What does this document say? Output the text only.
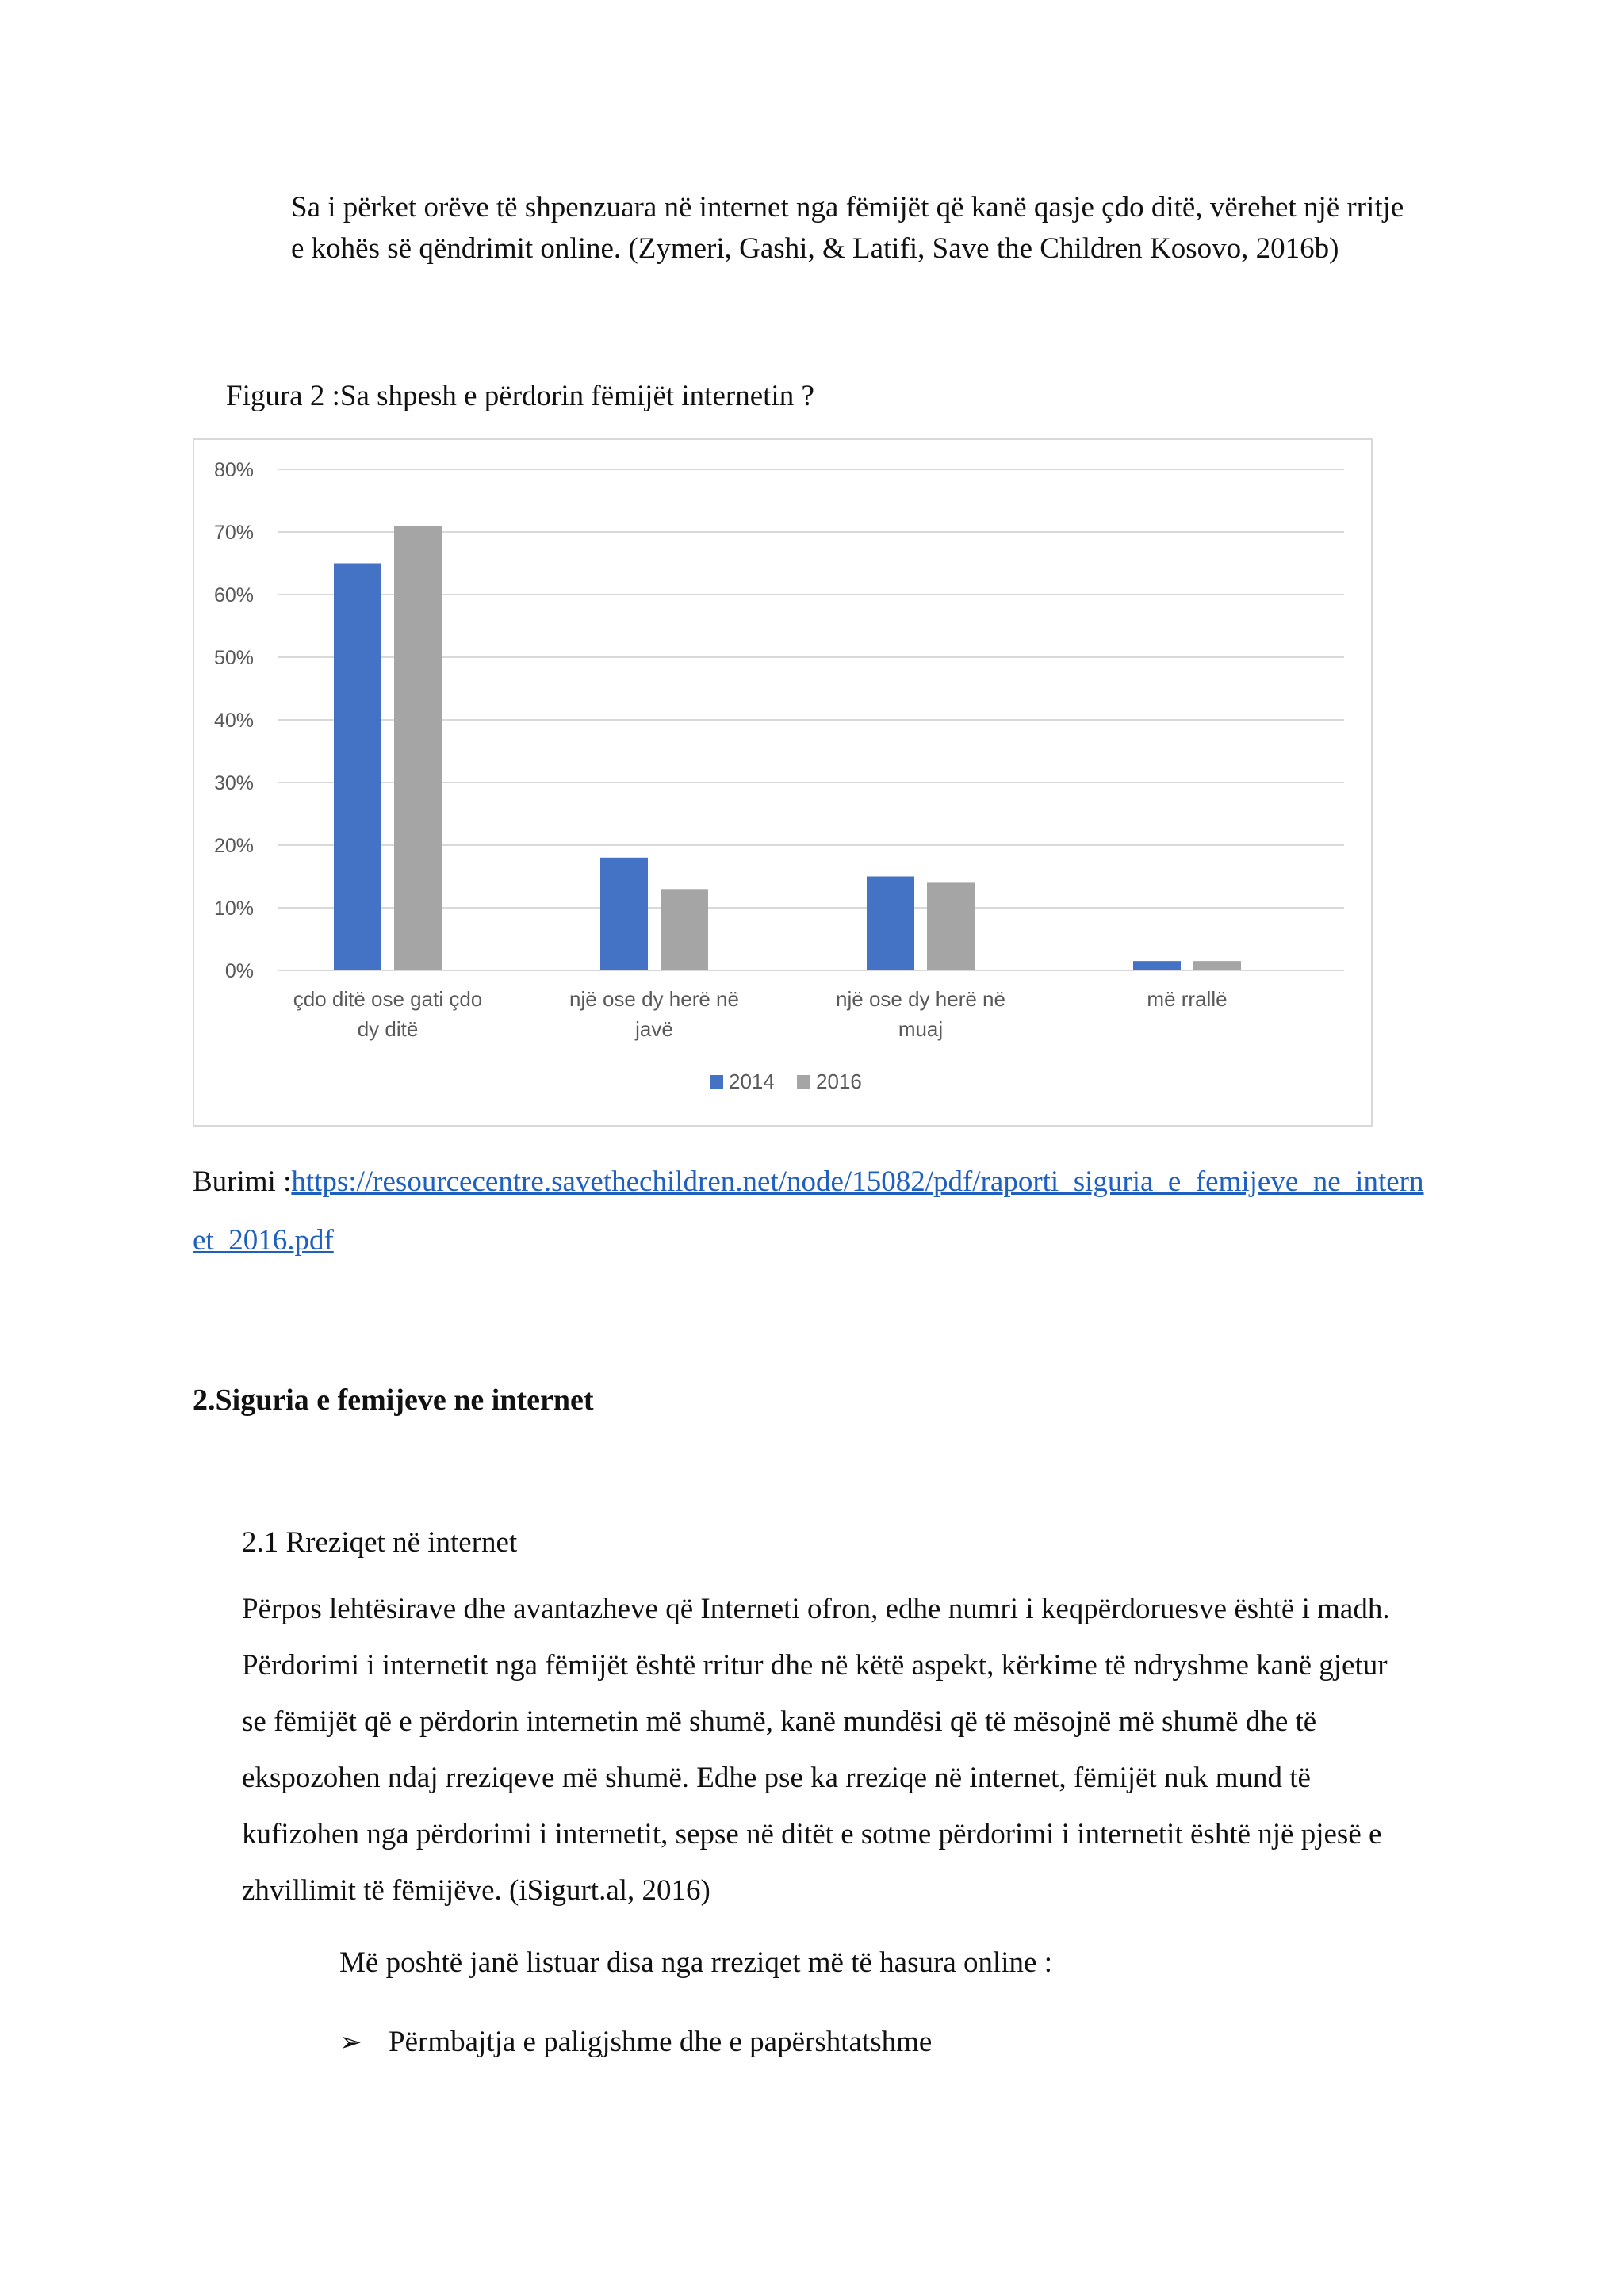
Sa i përket orëve të shpenzuara në internet nga fëmijët që kanë qasje çdo ditë, vërehet një rritje e kohës së qëndrimit online. (Zymeri, Gashi, & Latifi, Save the Children Kosovo, 2016b)

Figura 2 :Sa shpesh e përdorin fëmijët internetin ?

0%
10%
20%
30%
40%
50%
60%
70%
80%
çdo ditë ose gati çdo
dy ditë
një ose dy herë në
javë
një ose dy herë në
muaj
më rrallë
2014 2016

Burimi :https://resourcecentre.savethechildren.net/node/15082/pdf/raporti_siguria_e_femijeve_ne_internet_2016.pdf

2.Siguria e femijeve ne internet

2.1 Rreziqet në internet

Përpos lehtësirave dhe avantazheve që Interneti ofron, edhe numri i keqpërdoruesve është i madh. Përdorimi i internetit nga fëmijët është rritur dhe në këtë aspekt, kërkime të ndryshme kanë gjetur se fëmijët që e përdorin internetin më shumë, kanë mundësi që të mësojnë më shumë dhe të ekspozohen ndaj rreziqeve më shumë. Edhe pse ka rreziqe në internet, fëmijët nuk mund të kufizohen nga përdorimi i internetit, sepse në ditët e sotme përdorimi i internetit është një pjesë e zhvillimit të fëmijëve. (iSigurt.al, 2016)

Më poshtë janë listuar disa nga rreziqet më të hasura online :

➢ Përmbajtja e paligjshme dhe e papërshtatshme
